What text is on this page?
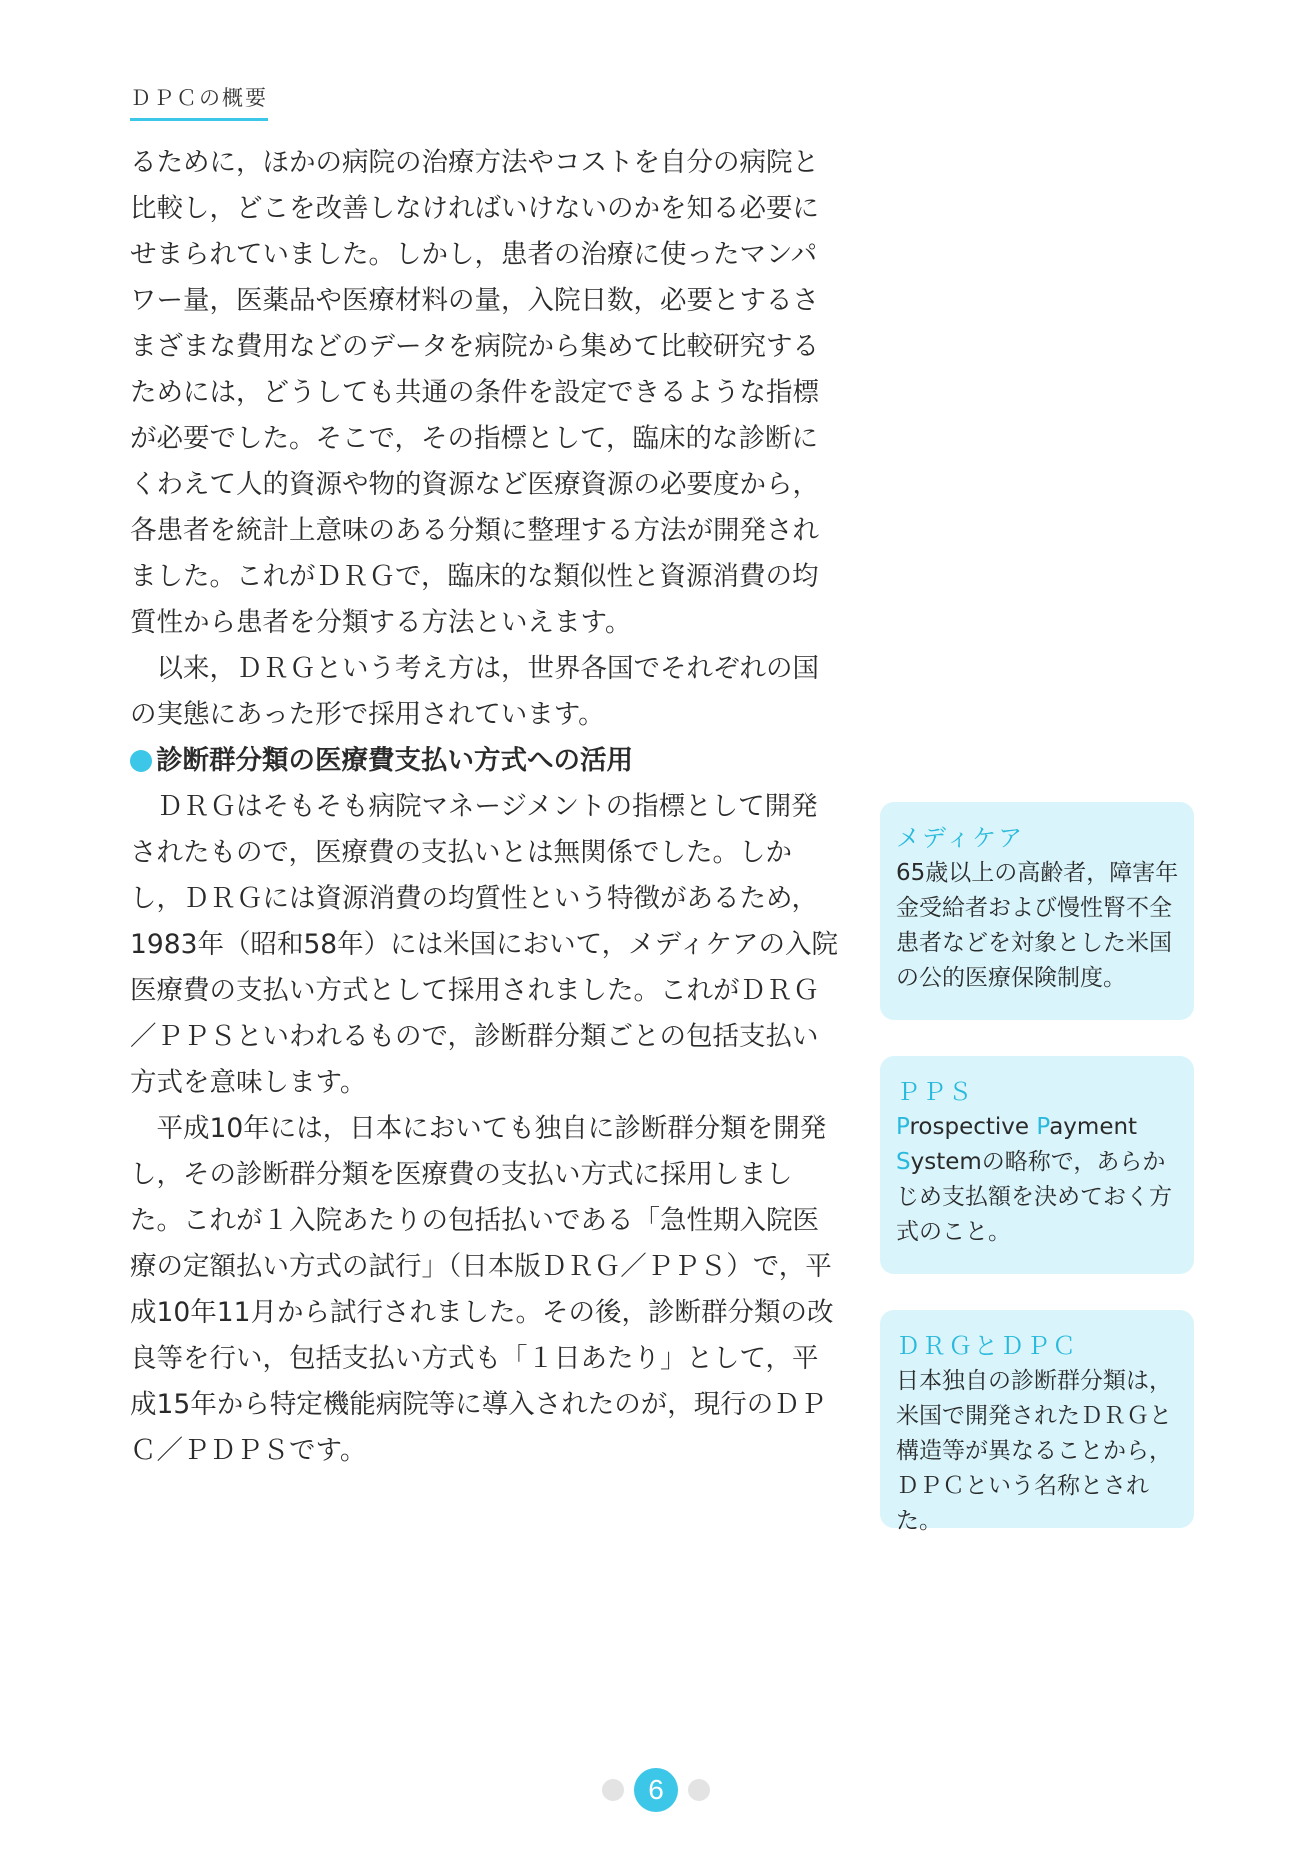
ＤＰＣの概要

るために，ほかの病院の治療方法やコストを自分の病院と比較し，どこを改善しなければいけないのかを知る必要にせまられていました。しかし，患者の治療に使ったマンパワー量，医薬品や医療材料の量，入院日数，必要とするさまざまな費用などのデータを病院から集めて比較研究するためには，どうしても共通の条件を設定できるような指標が必要でした。そこで，その指標として，臨床的な診断にくわえて人的資源や物的資源など医療資源の必要度から，各患者を統計上意味のある分類に整理する方法が開発されました。これがＤＲＧで，臨床的な類似性と資源消費の均質性から患者を分類する方法といえます。

以来，ＤＲＧという考え方は，世界各国でそれぞれの国の実態にあった形で採用されています。

診断群分類の医療費支払い方式への活用

ＤＲＧはそもそも病院マネージメントの指標として開発されたもので，医療費の支払いとは無関係でした。しかし，ＤＲＧには資源消費の均質性という特徴があるため，1983年（昭和58年）には米国において，メディケアの入院医療費の支払い方式として採用されました。これがＤＲＧ／ＰＰＳといわれるもので，診断群分類ごとの包括支払い方式を意味します。

平成10年には，日本においても独自に診断群分類を開発し，その診断群分類を医療費の支払い方式に採用しました。これが１入院あたりの包括払いである「急性期入院医療の定額払い方式の試行」（日本版ＤＲＧ／ＰＰＳ）で，平成10年11月から試行されました。その後，診断群分類の改良等を行い，包括支払い方式も「１日あたり」として，平成15年から特定機能病院等に導入されたのが，現行のＤＰＣ／ＰＤＰＳです。

メディケア
65歳以上の高齢者，障害年金受給者および慢性腎不全患者などを対象とした米国の公的医療保険制度。
ＰＰＳ
Prospective Payment Systemの略称で，あらかじめ支払額を決めておく方式のこと。
ＤＲＧとＤＰＣ
日本独自の診断群分類は，米国で開発されたＤＲＧと構造等が異なることから，ＤＰＣという名称とされた。
6
